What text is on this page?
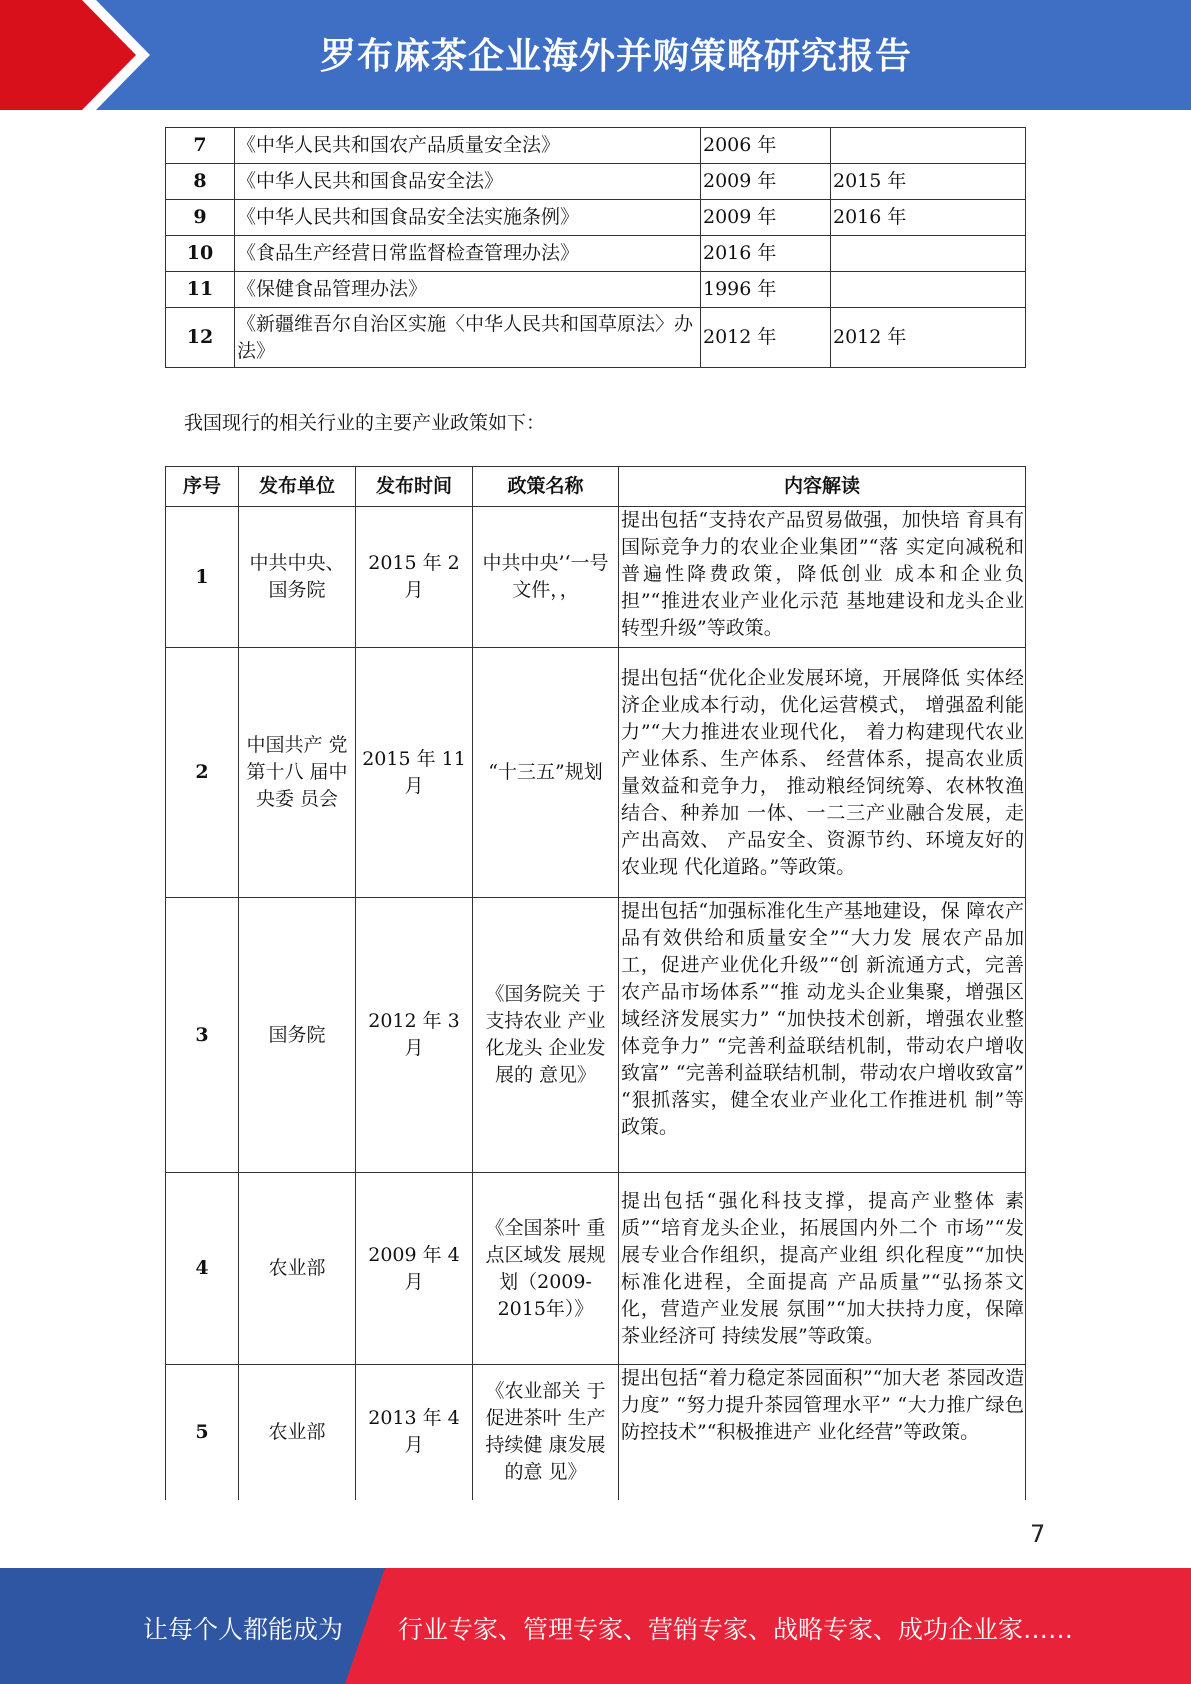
罗布麻茶企业海外并购策略研究报告
7	《中华人民共和国农产品质量安全法》	2006 年	
8	《中华人民共和国食品安全法》	2009 年	2015 年
9	《中华人民共和国食品安全法实施条例》	2009 年	2016 年
10	《食品生产经营日常监督检查管理办法》	2016 年	
11	《保健食品管理办法》	1996 年	
12	《新疆维吾尔自治区实施〈中华人民共和国草原法〉办法》	2012 年	2012 年
我国现行的相关行业的主要产业政策如下：
序号	发布单位	发布时间	政策名称	内容解读
1	中共中央、国务院	2015 年 2 月	中共中央’‘一号文件，，	提出包括“支持农产品贸易做强，加快培 育具有国际竞争力的农业企业集团”“落 实定向减税和普遍性降费政策，降低创业 成本和企业负担”“推进农业产业化示范 基地建设和龙头企业转型升级”等政策。
2	中国共产 党第十八 届中央委 员会	2015 年 11 月	“十三五”规划	提出包括“优化企业发展环境，开展降低 实体经济企业成本行动，优化运营模式， 增强盈利能力”“大力推进农业现代化， 着力构建现代农业产业体系、生产体系、 经营体系，提高农业质量效益和竞争力， 推动粮经饲统筹、农林牧渔结合、种养加 一体、一二三产业融合发展，走产出高效、 产品安全、资源节约、环境友好的农业现 代化道路。”等政策。
3	国务院	2012 年 3 月	《国务院关 于支持农业 产业化龙头 企业发展的 意见》	提出包括“加强标准化生产基地建设，保 障农产品有效供给和质量安全”“大力发 展农产品加工，促进产业优化升级”“创 新流通方式，完善农产品市场体系”“推 动龙头企业集聚，增强区域经济发展实力” “加快技术创新，增强农业整体竞争力” “完善利益联结机制，带动农户增收致富” “完善利益联结机制，带动农户增收致富” “狠抓落实，健全农业产业化工作推进机 制”等政策。
4	农业部	2009 年 4 月	《全国茶叶 重点区域发 展规划（2009-2015年）》	提出包括“强化科技支撑，提高产业整体 素质”“培育龙头企业，拓展国内外二个 市场”“发展专业合作组织，提高产业组 织化程度”“加快标准化进程，全面提高 产品质量”“弘扬茶文化，营造产业发展 氛围”“加大扶持力度，保障茶业经济可 持续发展”等政策。
5	农业部	2013 年 4 月	《农业部关 于促进茶叶 生产持续健 康发展的意 见》	提出包括“着力稳定茶园面积”“加大老 茶园改造力度” “努力提升茶园管理水平” “大力推广绿色防控技术”“积极推进产 业化经营”等政策。
7
让每个人都能成为 行业专家、管理专家、营销专家、战略专家、成功企业家……
